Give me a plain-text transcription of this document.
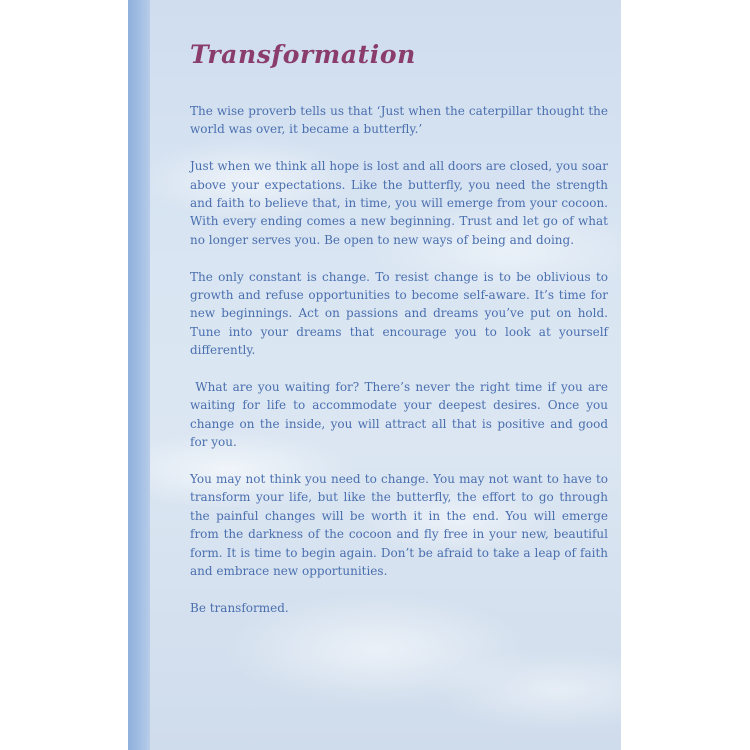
Transformation

The wise proverb tells us that ‘Just when the caterpillar thought the world was over, it became a butterfly.’

Just when we think all hope is lost and all doors are closed, you soar above your expectations. Like the butterfly, you need the strength and faith to believe that, in time, you will emerge from your cocoon. With every ending comes a new beginning. Trust and let go of what no longer serves you. Be open to new ways of being and doing.

The only constant is change. To resist change is to be oblivious to growth and refuse opportunities to become self-aware. It’s time for new beginnings. Act on passions and dreams you’ve put on hold. Tune into your dreams that encourage you to look at yourself differently.

What are you waiting for? There’s never the right time if you are waiting for life to accommodate your deepest desires. Once you change on the inside, you will attract all that is positive and good for you.

You may not think you need to change. You may not want to have to transform your life, but like the butterfly, the effort to go through the painful changes will be worth it in the end. You will emerge from the darkness of the cocoon and fly free in your new, beautiful form. It is time to begin again. Don’t be afraid to take a leap of faith and embrace new opportunities.

Be transformed.
